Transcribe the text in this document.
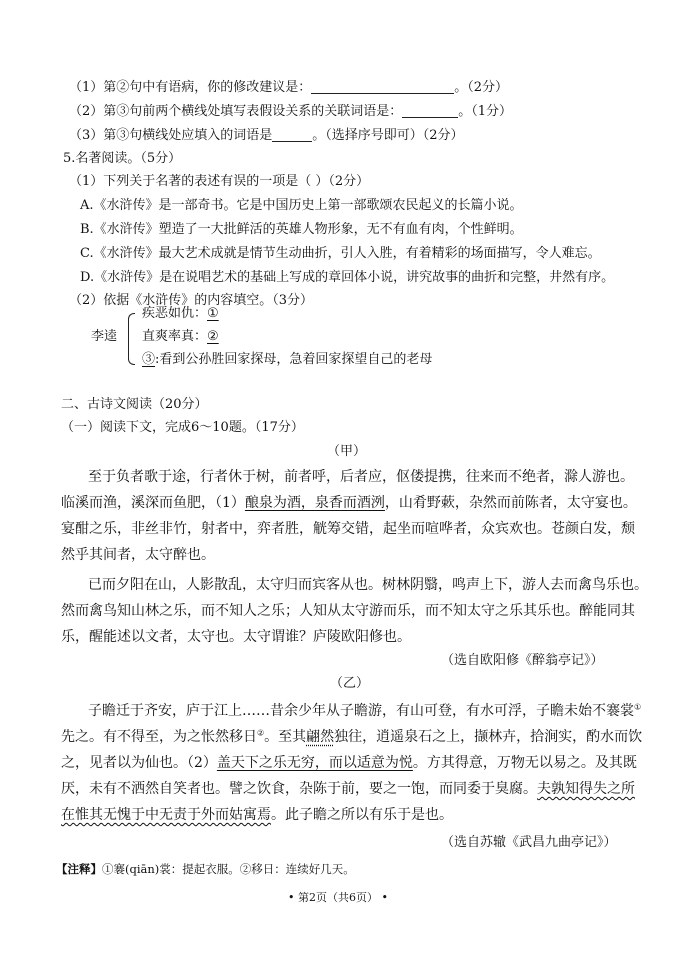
（1）第②句中有语病，你的修改建议是：	。（2分）
（2）第③句前两个横线处填写表假设关系的关联词语是：	。（1分）
（3）第③句横线处应填入的词语是	。（选择序号即可）（2分）
5.名著阅读。（5分）
（1）下列关于名著的表述有误的一项是（ ）（2分）
A.《水浒传》是一部奇书。它是中国历史上第一部歌颂农民起义的长篇小说。
B.《水浒传》塑造了一大批鲜活的英雄人物形象，无不有血有肉，个性鲜明。
C.《水浒传》最大艺术成就是情节生动曲折，引人入胜，有着精彩的场面描写，令人难忘。
D.《水浒传》是在说唱艺术的基础上写成的章回体小说，讲究故事的曲折和完整，井然有序。
（2）依据《水浒传》的内容填空。（3分）
李逵
疾恶如仇：①
直爽率真：②
③:看到公孙胜回家探母，急着回家探望自己的老母
二、古诗文阅读（20分）
（一）阅读下文，完成6～10题。（17分）
（甲）
至于负者歌于途，行者休于树，前者呼，后者应，伛偻提携，往来而不绝者，滁人游也。
临溪而渔，溪深而鱼肥，（1）酿泉为酒，泉香而酒洌，山肴野蔌，杂然而前陈者，太守宴也。
宴酣之乐，非丝非竹，射者中，弈者胜，觥筹交错，起坐而喧哗者，众宾欢也。苍颜白发，颓
然乎其间者，太守醉也。
已而夕阳在山，人影散乱，太守归而宾客从也。树林阴翳，鸣声上下，游人去而禽鸟乐也。
然而禽鸟知山林之乐，而不知人之乐；人知从太守游而乐，而不知太守之乐其乐也。醉能同其
乐，醒能述以文者，太守也。太守谓谁？庐陵欧阳修也。
（选自欧阳修《醉翁亭记》）
（乙）
子瞻迁于齐安，庐于江上……昔余少年从子瞻游，有山可登，有水可浮，子瞻未始不褰裳①
先之。有不得至，为之怅然移日②。至其翩然独往，逍遥泉石之上，撷林卉，拾涧实，酌水而饮
之，见者以为仙也。（2）盖天下之乐无穷，而以适意为悦。方其得意，万物无以易之。及其既
厌，未有不洒然自笑者也。譬之饮食，杂陈于前，要之一饱，而同委于臭腐。夫孰知得失之所
在惟其无愧于中无责于外而姑寓焉。此子瞻之所以有乐于是也。
（选自苏辙《武昌九曲亭记》）
【注释】①褰(qiān)裳：提起衣服。②移日：连续好几天。
• 第2页（共6页） •
